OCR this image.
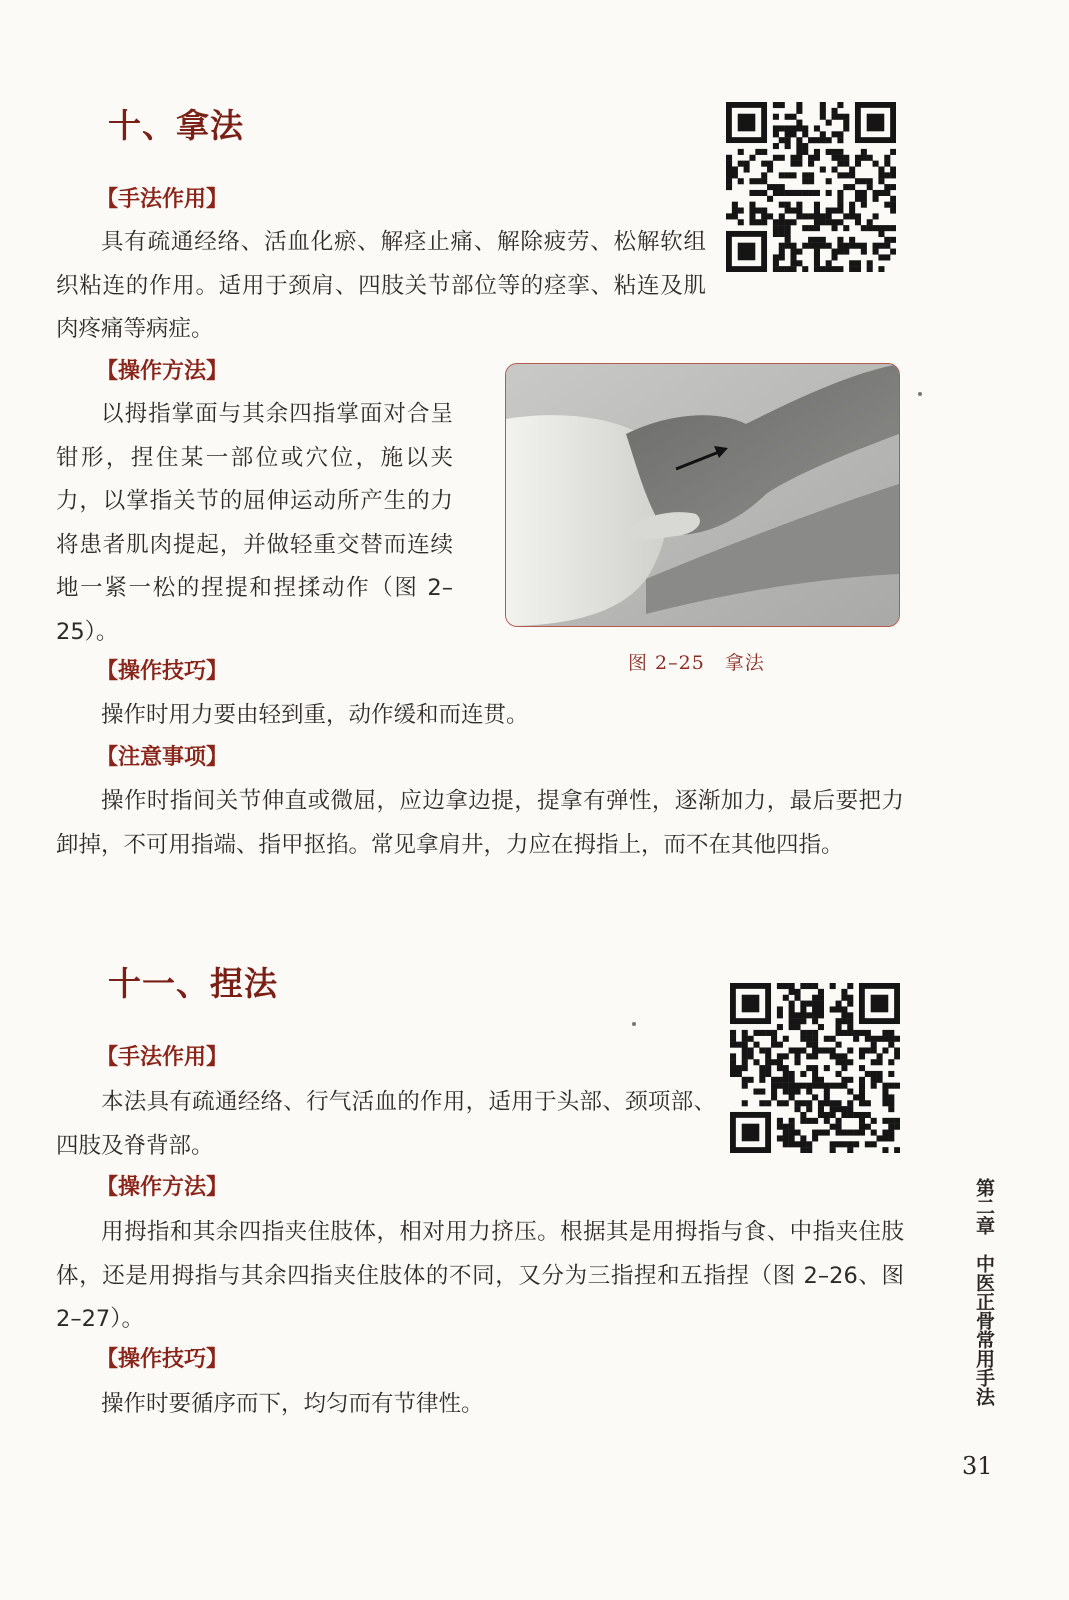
十、拿法
【手法作用】

具有疏通经络、活血化瘀、解痉止痛、解除疲劳、松解软组织粘连的作用。适用于颈肩、四肢关节部位等的痉挛、粘连及肌肉疼痛等病症。

【操作方法】

以拇指掌面与其余四指掌面对合呈钳形，捏住某一部位或穴位，施以夹力，以掌指关节的屈伸运动所产生的力将患者肌肉提起，并做轻重交替而连续地一紧一松的捏提和捏揉动作（图 2–25）。

图 2–25　拿法
【操作技巧】

操作时用力要由轻到重，动作缓和而连贯。

【注意事项】

操作时指间关节伸直或微屈，应边拿边提，提拿有弹性，逐渐加力，最后要把力卸掉，不可用指端、指甲抠掐。常见拿肩井，力应在拇指上，而不在其他四指。

十一、捏法
【手法作用】

本法具有疏通经络、行气活血的作用，适用于头部、颈项部、四肢及脊背部。

【操作方法】

用拇指和其余四指夹住肢体，相对用力挤压。根据其是用拇指与食、中指夹住肢体，还是用拇指与其余四指夹住肢体的不同，又分为三指捏和五指捏（图 2–26、图 2–27）。

【操作技巧】

操作时要循序而下，均匀而有节律性。	第二章　中医正骨常用手法
31
